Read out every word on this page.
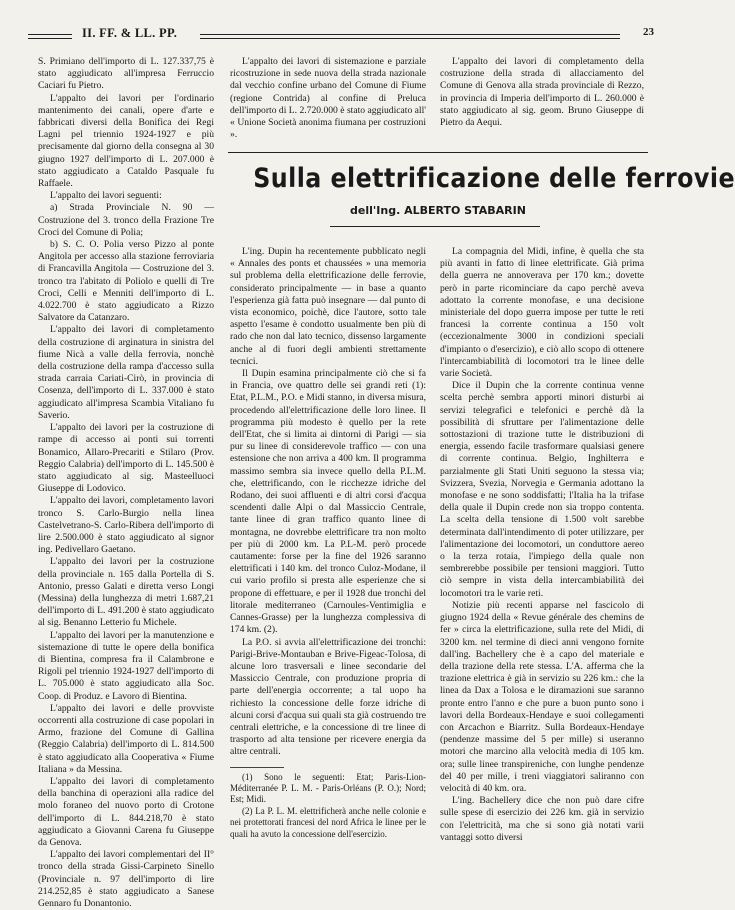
II. FF. & LL. PP.	23

S. Primiano dell'importo di L. 127.337,75 è stato aggiudicato all'impresa Ferruccio Caciari fu Pietro.

L'appalto dei lavori per l'ordinario mantenimento dei canali, opere d'arte e fabbricati diversi della Bonifica dei Regi Lagni pel triennio 1924-1927 e più precisamente dal giorno della consegna al 30 giugno 1927 dell'importo di L. 207.000 è stato aggiudicato a Cataldo Pasquale fu Raffaele.

L'appalto dei lavori seguenti:

a) Strada Provinciale N. 90 — Costruzione del 3. tronco della Frazione Tre Croci del Comune di Polia;

b) S. C. O. Polia verso Pizzo al ponte Angitola per accesso alla stazione ferroviaria di Francavilla Angitola — Costruzione del 3. tronco tra l'abitato di Poliolo e quelli di Tre Croci, Celli e Menniti dell'importo di L. 4.022.700 è stato aggiudicato a Rizzo Salvatore da Catanzaro.

L'appalto dei lavori di completamento della costruzione di arginatura in sinistra del fiume Nicà a valle della ferrovia, nonchè della costruzione della rampa d'accesso sulla strada carraia Cariati-Cirò, in provincia di Cosenza, dell'importo di L. 337.000 è stato aggiudicato all'impresa Scambia Vitaliano fu Saverio.

L'appalto dei lavori per la costruzione di rampe di accesso ai ponti sui torrenti Bonamico, Allaro-Precariti e Stilaro (Prov. Reggio Calabria) dell'importo di L. 145.500 è stato aggiudicato al sig. Masteelluoci Giuseppe di Lodovico.

L'appalto dei lavori, completamento lavori tronco S. Carlo-Burgio nella linea Castelvetrano-S. Carlo-Ribera dell'importo di lire 2.500.000 è stato aggiudicato al signor ing. Pedivellaro Gaetano.

L'appalto dei lavori per la costruzione della provinciale n. 165 dalla Portella di S. Antonio, presso Galati e diretta verso Longi (Messina) della lunghezza di metri 1.687,21 dell'importo di L. 491.200 è stato aggiudicato al sig. Benanno Letterio fu Michele.

L'appalto dei lavori per la manutenzione e sistemazione di tutte le opere della bonifica di Bientina, compresa fra il Calambrone e Rigoli pel triennio 1924-1927 dell'importo di L. 705.000 è stato aggiudicato alla Soc. Coop. di Produz. e Lavoro di Bientina.

L'appalto dei lavori e delle provviste occorrenti alla costruzione di case popolari in Armo, frazione del Comune di Gallina (Reggio Calabria) dell'importo di L. 814.500 è stato aggiudicato alla Cooperativa « Fiume Italiana » da Messina.

L'appalto dei lavori di completamento della banchina di operazioni alla radice del molo foraneo del nuovo porto di Crotone dell'importo di L. 844.218,70 è stato aggiudicato a Giovanni Carena fu Giuseppe da Genova.

L'appalto dei lavori complementari del II° tronco della strada Gissi-Carpineto Sinello (Provinciale n. 97 dell'importo di lire 214.252,85 è stato aggiudicato a Sanese Gennaro fu Donantonio.

L'appalto dei lavori di sistemazione e parziale ricostruzione in sede nuova della strada nazionale dal vecchio confine urbano del Comune di Fiume (regione Contrida) al confine di Preluca dell'importo di L. 2.720.000 è stato aggiudicato all' « Unione Società anonima fiumana per costruzioni ».

L'appalto dei lavori di completamento della costruzione della strada di allacciamento del Comune di Genova alla strada provinciale di Rezzo, in provincia di Imperia dell'importo di L. 260.000 è stato aggiudicato al sig. geom. Bruno Giuseppe di Pietro da Aequi.

Sulla elettrificazione delle ferrovie
dell'Ing. ALBERTO STABARIN

L'ing. Dupin ha recentemente pubblicato negli « Annales des ponts et chaussées » una memoria sul problema della elettrificazione delle ferrovie, considerato principalmente — in base a quanto l'esperienza già fatta può insegnare — dal punto di vista economico, poichè, dice l'autore, sotto tale aspetto l'esame è condotto usualmente ben più di rado che non dal lato tecnico, dissenso largamente anche al di fuori degli ambienti strettamente tecnici.

Il Dupin esamina principalmente ciò che si fa in Francia, ove quattro delle sei grandi reti (1): Etat, P.L.M., P.O. e Midi stanno, in diversa misura, procedendo all'elettrificazione delle loro linee. Il programma più modesto è quello per la rete dell'Etat, che si limita ai dintorni di Parigi — sia pur su linee di considerevole traffico — con una estensione che non arriva a 400 km. Il programma massimo sembra sia invece quello della P.L.M. che, elettrificando, con le ricchezze idriche del Rodano, dei suoi affluenti e di altri corsi d'acqua scendenti dalle Alpi o dal Massiccio Centrale, tante linee di gran traffico quanto linee di montagna, ne dovrebbe elettrificare tra non molto per più di 2000 km. La P.L-M. però procede cautamente: forse per la fine del 1926 saranno elettrificati i 140 km. del tronco Culoz-Modane, il cui vario profilo si presta alle esperienze che si propone di effettuare, e per il 1928 due tronchi del litorale mediterraneo (Carnoules-Ventimiglia e Cannes-Grasse) per la lunghezza complessiva di 174 km. (2).

La P.O. si avvia all'elettrificazione dei tronchi: Parigi-Brive-Montauban e Brive-Figeac-Tolosa, di alcune loro trasversali e linee secondarie del Massiccio Centrale, con produzione propria di parte dell'energia occorrente; a tal uopo ha richiesto la concessione delle forze idriche di alcuni corsi d'acqua sui quali sta già costruendo tre centrali elettriche, e la concessione di tre linee di trasporto ad alta tensione per ricevere energia da altre centrali.

(1) Sono le seguenti: Etat; Paris-Lion-Méditerranée P. L. M. - Paris-Orléans (P. O.); Nord; Est; Midi.

(2) La P. L. M. elettrificherà anche nelle colonie e nei protettorati francesi del nord Africa le linee per le quali ha avuto la concessione dell'esercizio.

La compagnia del Midi, infine, è quella che sta più avanti in fatto di linee elettrificate. Già prima della guerra ne annoverava per 170 km.; dovette però in parte ricominciare da capo perchè aveva adottato la corrente monofase, e una decisione ministeriale del dopo guerra impose per tutte le reti francesi la corrente continua a 150 volt (eccezionalmente 3000 in condizioni speciali d'impianto o d'esercizio), e ciò allo scopo di ottenere l'intercambiabilità di locomotori tra le linee delle varie Società.

Dice il Dupin che la corrente continua venne scelta perchè sembra apporti minori disturbi ai servizi telegrafici e telefonici e perchè dà la possibilità di sfruttare per l'alimentazione delle sottostazioni di trazione tutte le distribuzioni di energia, essendo facile trasformare qualsiasi genere di corrente continua. Belgio, Inghilterra e parzialmente gli Stati Uniti seguono la stessa via; Svizzera, Svezia, Norvegia e Germania adottano la monofase e ne sono soddisfatti; l'Italia ha la trifase della quale il Dupin crede non sia troppo contenta. La scelta della tensione di 1.500 volt sarebbe determinata dall'intendimento di poter utilizzare, per l'alimentazione dei locomotori, un conduttore aereo o la terza rotaia, l'impiego della quale non sembrerebbe possibile per tensioni maggiori. Tutto ciò sempre in vista della intercambiabilità dei locomotori tra le varie reti.

Notizie più recenti apparse nel fascicolo di giugno 1924 della « Revue générale des chemins de fer » circa la elettrificazione, sulla rete del Midi, di 3200 km. nel termine di dieci anni vengono fornite dall'ing. Bachellery che è a capo del materiale e della trazione della rete stessa. L'A. afferma che la trazione elettrica è già in servizio su 226 km.: che la linea da Dax a Tolosa e le diramazioni sue saranno pronte entro l'anno e che pure a buon punto sono i lavori della Bordeaux-Hendaye e suoi collegamenti con Arcachon e Biarritz. Sulla Bordeaux-Hendaye (pendenze massime del 5 per mille) si useranno motori che marcino alla velocità media di 105 km. ora; sulle linee transpireniche, con lunghe pendenze del 40 per mille, i treni viaggiatori saliranno con velocità di 40 km. ora.

L'ing. Bachellery dice che non può dare cifre sulle spese di esercizio dei 226 km. già in servizio con l'elettricità, ma che si sono già notati varii vantaggi sotto diversi
